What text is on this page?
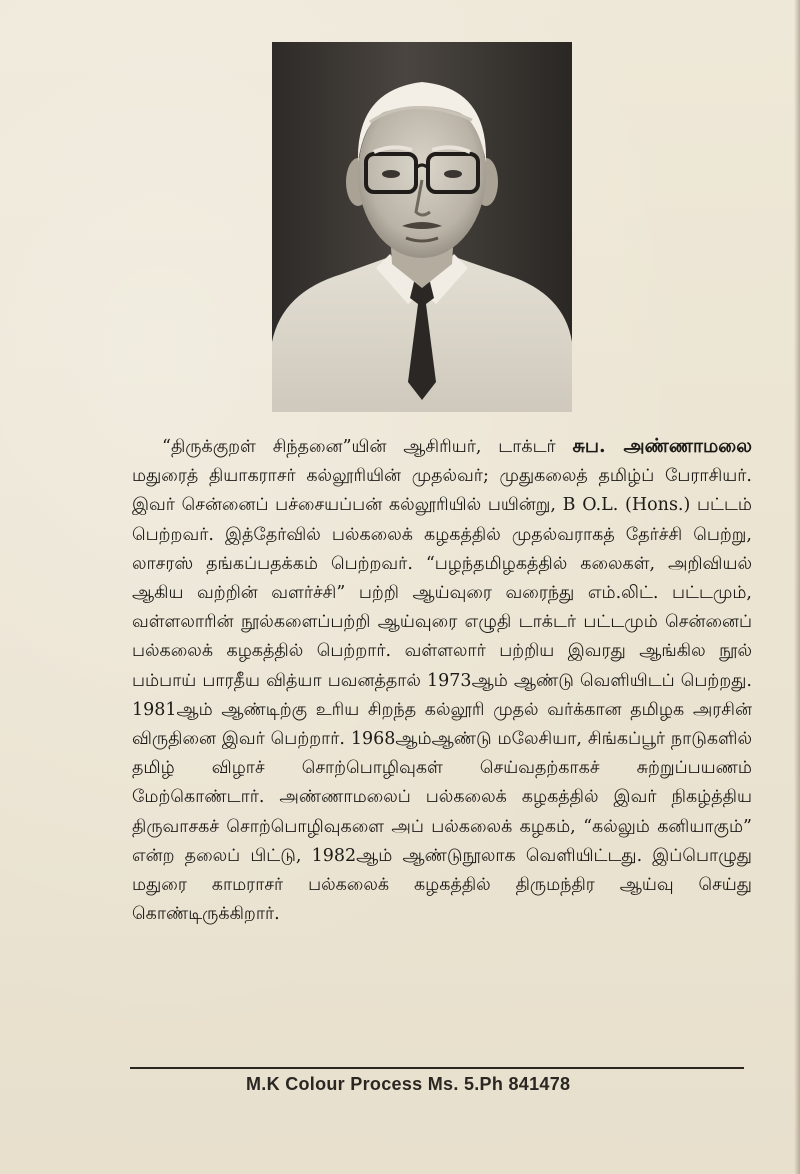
“திருக்குறள் சிந்தனை”யின் ஆசிரியர், டாக்டர் சுப. அண்ணாமலை மதுரைத் தியாகராசர் கல்லூரியின் முதல்வர்; முதுகலைத் தமிழ்ப் பேராசியர். இவர் சென்னைப் பச்சையப்பன் கல்லூரியில் பயின்று, B O.L. (Hons.) பட்டம் பெற்றவர். இத்தேர்வில் பல்கலைக் கழகத்தில் முதல்வராகத் தேர்ச்சி பெற்று, லாசரஸ் தங்கப்பதக்கம் பெற்றவர். “பழந்தமிழகத்தில் கலைகள், அறிவியல் ஆகிய வற்றின் வளர்ச்சி” பற்றி ஆய்வுரை வரைந்து எம்.லிட். பட்டமும், வள்ளலாரின் நூல்களைப்பற்றி ஆய்வுரை எழுதி டாக்டர் பட்டமும் சென்னைப் பல்கலைக் கழகத்தில் பெற்றார். வள்ளலார் பற்றிய இவரது ஆங்கில நூல் பம்பாய் பாரதீய வித்யா பவனத்தால் 1973ஆம் ஆண்டு வெளியிடப் பெற்றது. 1981ஆம் ஆண்டிற்கு உரிய சிறந்த கல்லூரி முதல் வர்க்கான தமிழக அரசின் விருதினை இவர் பெற்றார். 1968ஆம்ஆண்டு மலேசியா, சிங்கப்பூர் நாடுகளில் தமிழ் விழாச் சொற்பொழிவுகள் செய்வதற்காகச் சுற்றுப்பயணம் மேற்கொண்டார். அண்ணாமலைப் பல்கலைக் கழகத்தில் இவர் நிகழ்த்திய திருவாசகச் சொற்பொழிவுகளை அப் பல்கலைக் கழகம், “கல்லும் கனியாகும்” என்ற தலைப் பிட்டு, 1982ஆம் ஆண்டுநூலாக வெளியிட்டது. இப்பொழுது மதுரை காமராசர் பல்கலைக் கழகத்தில் திருமந்திர ஆய்வு செய்து கொண்டிருக்கிறார்.

M.K Colour Process Ms. 5.Ph 841478
